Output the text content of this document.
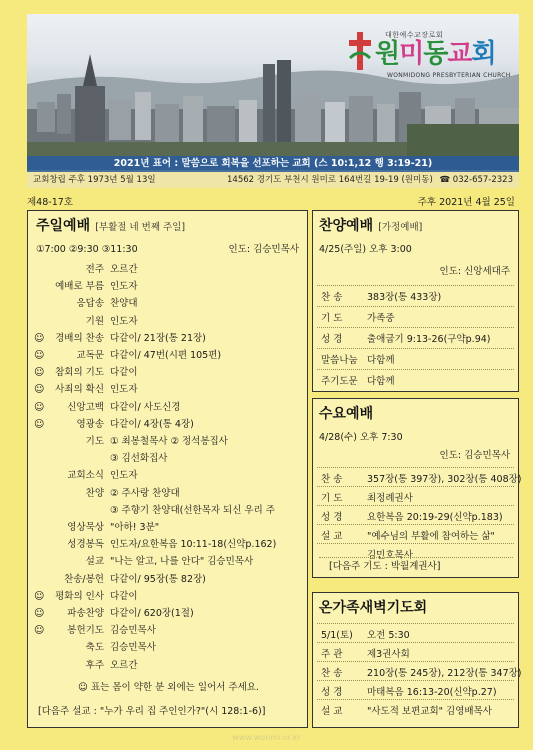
대한예수교장로회
원미동교회
WONMIDONG PRESBYTERIAN CHURCH
2021년 표어 : 말씀으로 회복을 선포하는 교회 (스 10:1,12 행 3:19-21)
교회창립 주후 1973년 5월 13일	14562 경기도 부천시 원미로 164번길 19-19 (원미동) ☎ 032-657-2323
제48-17호	주후 2021년 4월 25일
주일예배 [부활절 네 번째 주일]
①7:00 ②9:30 ③11:30	인도: 김승민목사
전주 오르간
예배로 부름 인도자
응답송 찬양대
기원 인도자
☺	경배의 찬송 다같이/ 21장(통 21장)
☺	교독문 다같이/ 47번(시편 105편)
☺	참회의 기도 다같이
☺	사죄의 확신 인도자
☺	신앙고백 다같이/ 사도신경
☺	영광송 다같이/ 4장(통 4장)
기도 ① 최봉철목사 ② 정석봉집사
③ 김선화집사
교회소식 인도자
찬양 ② 주사랑 찬양대
③ 주향기 찬양대(선한목자 되신 우리 주
영상묵상 "아하! 3분"
성경봉독 인도자/요한복음 10:11-18(신약p.162)
설교 "나는 알고, 나를 안다" 김승민목사
찬송/봉헌 다같이/ 95장(통 82장)
☺	평화의 인사 다같이
☺	파송찬양 다같이/ 620장(1절)
☺	봉헌기도 김승민목사
축도 김승민목사
후주 오르간
☺ 표는 몸이 약한 분 외에는 일어서 주세요.
[다음주 설교 : "누가 우리 집 주인인가?"(시 128:1-6)]
찬양예배 [가정예배]
4/25(주일) 오후 3:00
인도: 신앙세대주
찬 송	383장(통 433장)
기 도	가족중
성 경	출애굽기 9:13-26(구약p.94)
말씀나눔 다함께
주기도문 다함께
수요예배
4/28(수) 오후 7:30
인도: 김승민목사
찬 송	357장(통 397장), 302장(통 408장)
기 도	최정례권사
성 경	요한복음 20:19-29(신약p.183)
설 교	"예수님의 부활에 참여하는 삶"
김민호목사
[다음주 기도 : 박월계권사]
온가족새벽기도회
5/1(토)	오전 5:30
주 관	제3권사회
찬 송	210장(통 245장), 212장(통 347장)
성 경	마태복음 16:13-20(신약p.27)
설 교	"사도적 보편교회" 김영배목사
www.wonmi.or.kr
